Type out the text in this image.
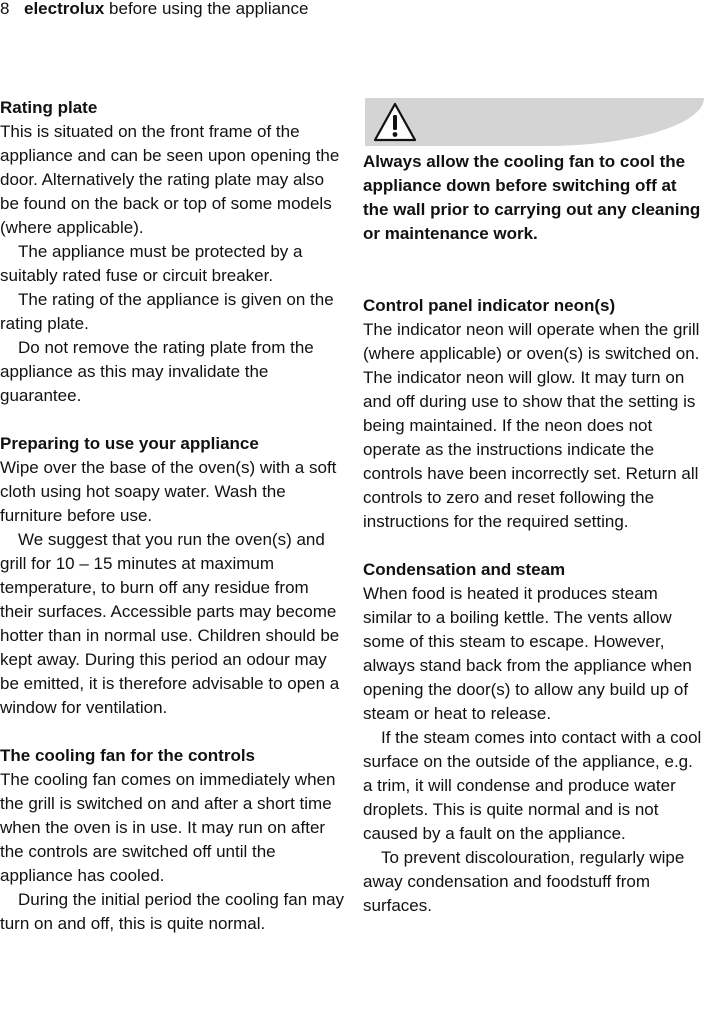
8 electrolux before using the appliance
Rating plate

This is situated on the front frame of the appliance and can be seen upon opening the door. Alternatively the rating plate may also be found on the back or top of some models (where applicable).

The appliance must be protected by a suitably rated fuse or circuit breaker.

The rating of the appliance is given on the rating plate.

Do not remove the rating plate from the appliance as this may invalidate the guarantee.

Preparing to use your appliance

Wipe over the base of the oven(s) with a soft cloth using hot soapy water. Wash the furniture before use.

We suggest that you run the oven(s) and grill for 10 – 15 minutes at maximum temperature, to burn off any residue from their surfaces. Accessible parts may become hotter than in normal use. Children should be kept away. During this period an odour may be emitted, it is therefore advisable to open a window for ventilation.

The cooling fan for the controls

The cooling fan comes on immediately when the grill is switched on and after a short time when the oven is in use. It may run on after the controls are switched off until the appliance has cooled.

During the initial period the cooling fan may turn on and off, this is quite normal.

Always allow the cooling fan to cool the appliance down before switching off at the wall prior to carrying out any cleaning or maintenance work.

Control panel indicator neon(s)

The indicator neon will operate when the grill (where applicable) or oven(s) is switched on. The indicator neon will glow. It may turn on and off during use to show that the setting is being maintained. If the neon does not operate as the instructions indicate the controls have been incorrectly set. Return all controls to zero and reset following the instructions for the required setting.

Condensation and steam

When food is heated it produces steam similar to a boiling kettle. The vents allow some of this steam to escape. However, always stand back from the appliance when opening the door(s) to allow any build up of steam or heat to release.

If the steam comes into contact with a cool surface on the outside of the appliance, e.g. a trim, it will condense and produce water droplets. This is quite normal and is not caused by a fault on the appliance.

To prevent discolouration, regularly wipe away condensation and foodstuff from surfaces.
